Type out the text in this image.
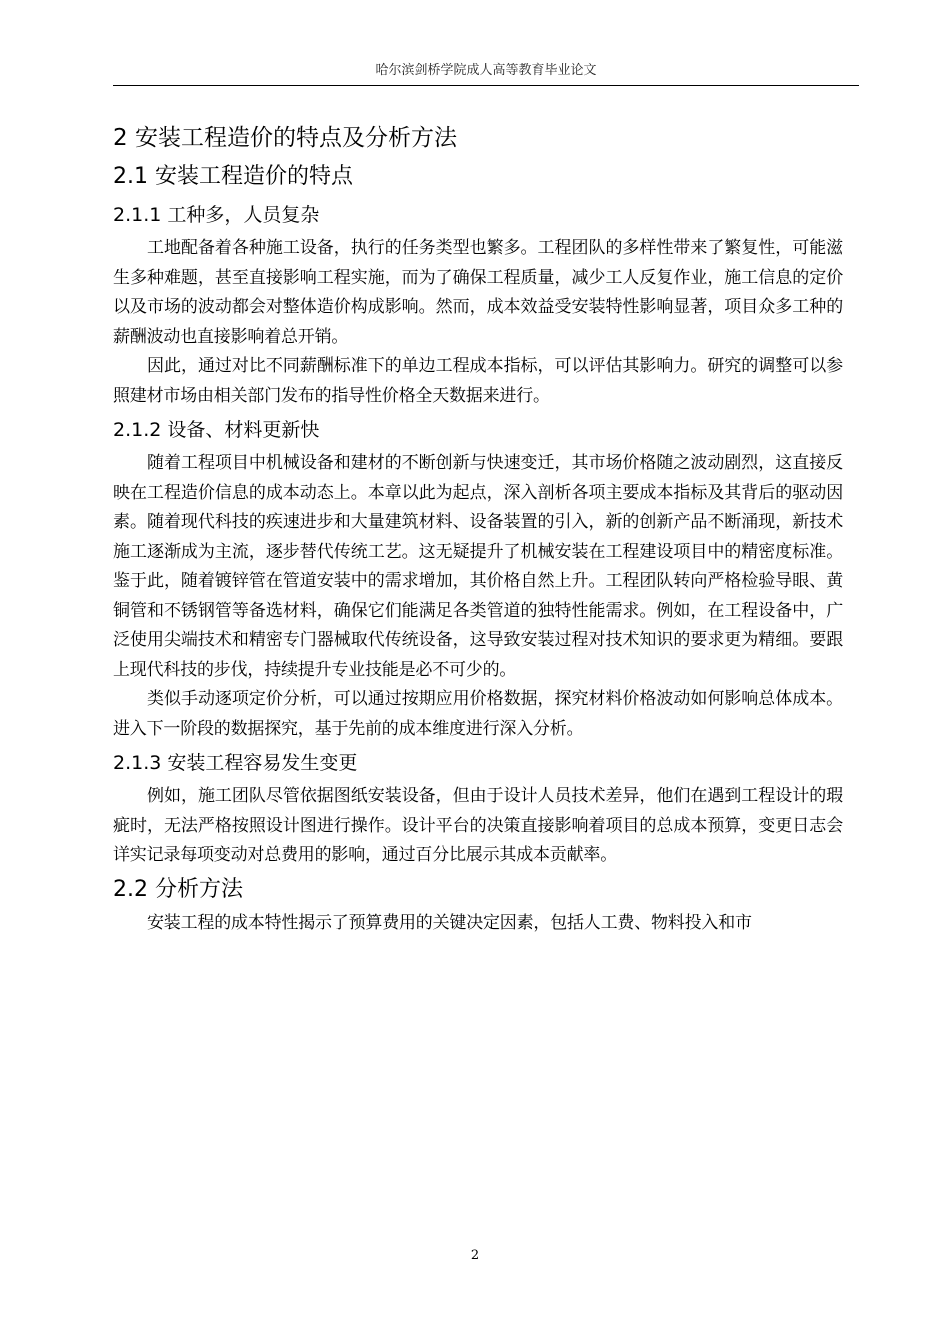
哈尔滨剑桥学院成人高等教育毕业论文
2 安装工程造价的特点及分析方法
2.1 安装工程造价的特点
2.1.1 工种多，人员复杂

工地配备着各种施工设备，执行的任务类型也繁多。工程团队的多样性带来了繁复性，可能滋生多种难题，甚至直接影响工程实施，而为了确保工程质量，减少工人反复作业，施工信息的定价以及市场的波动都会对整体造价构成影响。然而，成本效益受安装特性影响显著，项目众多工种的薪酬波动也直接影响着总开销。

因此，通过对比不同薪酬标准下的单边工程成本指标，可以评估其影响力。研究的调整可以参照建材市场由相关部门发布的指导性价格全天数据来进行。

2.1.2 设备、材料更新快

随着工程项目中机械设备和建材的不断创新与快速变迁，其市场价格随之波动剧烈，这直接反映在工程造价信息的成本动态上。本章以此为起点，深入剖析各项主要成本指标及其背后的驱动因素。随着现代科技的疾速进步和大量建筑材料、设备装置的引入，新的创新产品不断涌现，新技术施工逐渐成为主流，逐步替代传统工艺。这无疑提升了机械安装在工程建设项目中的精密度标准。鉴于此，随着镀锌管在管道安装中的需求增加，其价格自然上升。工程团队转向严格检验导眼、黄铜管和不锈钢管等备选材料，确保它们能满足各类管道的独特性能需求。例如，在工程设备中，广泛使用尖端技术和精密专门器械取代传统设备，这导致安装过程对技术知识的要求更为精细。要跟上现代科技的步伐，持续提升专业技能是必不可少的。

类似手动逐项定价分析，可以通过按期应用价格数据，探究材料价格波动如何影响总体成本。进入下一阶段的数据探究，基于先前的成本维度进行深入分析。

2.1.3 安装工程容易发生变更

例如，施工团队尽管依据图纸安装设备，但由于设计人员技术差异，他们在遇到工程设计的瑕疵时，无法严格按照设计图进行操作。设计平台的决策直接影响着项目的总成本预算，变更日志会详实记录每项变动对总费用的影响，通过百分比展示其成本贡献率。

2.2 分析方法

安装工程的成本特性揭示了预算费用的关键决定因素，包括人工费、物料投入和市

2
